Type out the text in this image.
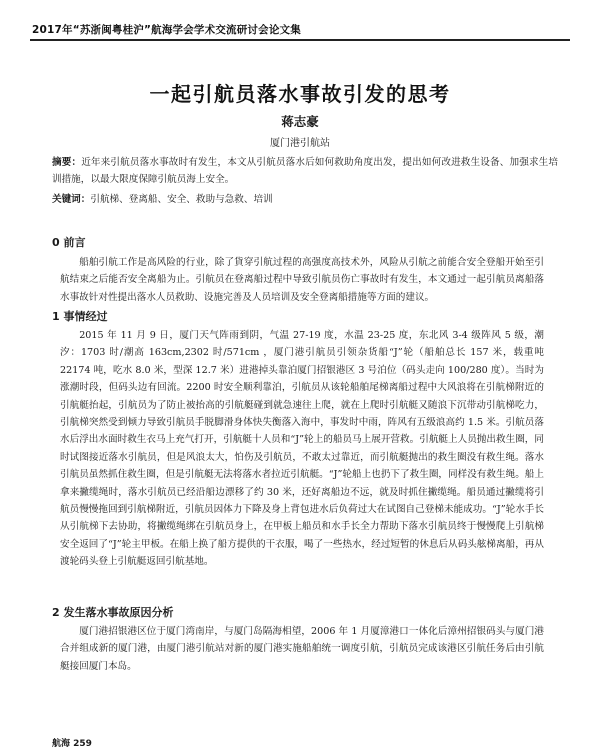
2017年“苏浙闽粤桂沪”航海学会学术交流研讨会论文集
一起引航员落水事故引发的思考
蒋志豪
厦门港引航站
摘要：近年来引航员落水事故时有发生，本文从引航员落水后如何救助角度出发，提出如何改进救生设备、加强求生培训措施，以最大限度保障引航员海上安全。
关键词：引航梯、登离船、安全、救助与急救、培训
0 前言
船舶引航工作是高风险的行业，除了貨穿引航过程的高强度高技术外，风险从引航之前能合安全登船开始至引航结束之后能否安全离船为止。引航员在登离船过程中导致引航员伤亡事故时有发生，本文通过一起引航员离船落水事故针对性提出落水人员救助、设施完善及人员培训及安全登离船措施等方面的建议。
1 事情经过
2015 年 11 月 9 日，厦门天气阵雨到阴，气温 27-19 度，水温 23-25 度，东北风 3-4 级阵风 5 级，潮汐：1703 时/潮高 163cm,2302 时/571cm ，厦门港引航员引领杂货船“J”轮（船舶总长 157 米，载重吨 22174 吨，吃水 8.0 米，型深 12.7 米）进港掉头靠泊厦门招银港区 3 号泊位（码头走向 100/280 度）。当时为涨潮时段，但码头边有回流。2200 时安全顺利靠泊，引航员从该轮船舶尾梯离船过程中大风浪将在引航梯附近的引航艇抬起，引航员为了防止被抬高的引航艇碰到就急速往上爬，就在上爬时引航艇又随浪下沉带动引航梯吃力，引航梯突然受到倾力导致引航员手脱脚滑身体快失衡落入海中，事发时中雨，阵风有五级浪高约 1.5 米。引航员落水后浮出水面时救生衣马上充气打开，引航艇十人员和“J”轮上的船员马上展开营救。引航艇上人员抛出救生圈，同时试图接近落水引航员，但是风浪太大，怕伤及引航员，不敢太过靠近，而引航艇抛出的救生圈没有救生绳。落水引航员虽然抓住救生圈，但是引航艇无法将落水者拉近引航艇。“J”轮船上也扔下了救生圈，同样没有救生绳。船上拿来撇缆绳时，落水引航员已经沿船边漂移了约 30 米，还好离船边不远，就及时抓住撇缆绳。船员通过撇缆将引航员慢慢拖回到引航梯附近，引航员因体力下降及身上背包进水后负荷过大在试图自己登梯未能成功。“J”轮水手长从引航梯下去协助，将撇缆绳绑在引航员身上，在甲板上船员和水手长全力帮助下落水引航员终于慢慢爬上引航梯安全返回了“J”轮主甲板。在船上换了船方提供的干衣服，喝了一些热水，经过短暂的休息后从码头舷梯离船，再从渡轮码头登上引航艇返回引航基地。
2 发生落水事故原因分析
厦门港招银港区位于厦门湾南岸，与厦门岛隔海相望，2006 年 1 月厦漳港口一体化后漳州招银码头与厦门港合并组成新的厦门港，由厦门港引航站对新的厦门港实施船舶统一调度引航，引航员完成该港区引航任务后由引航艇接回厦门本岛。
航海 259
